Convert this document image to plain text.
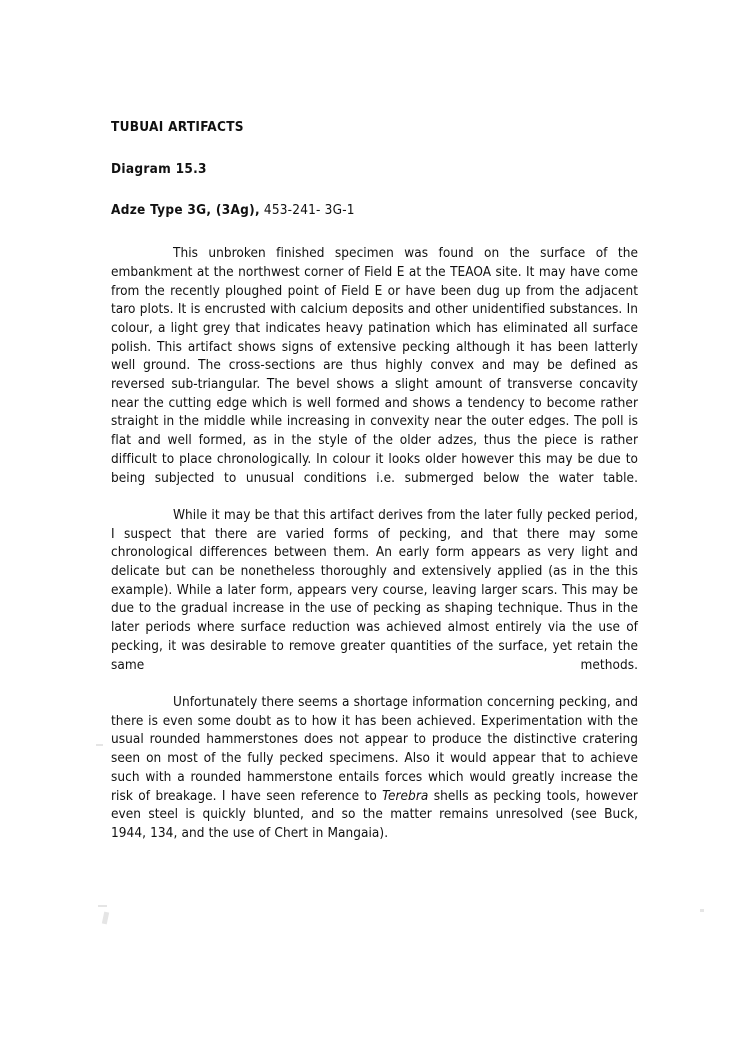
TUBUAI ARTIFACTS
Diagram 15.3
Adze Type 3G, (3Ag), 453-241- 3G-1

This unbroken finished specimen was found on the surface of the embankment at the northwest corner of Field E at the TEAOA site. It may have come from the recently ploughed point of Field E or have been dug up from the adjacent taro plots. It is encrusted with calcium deposits and other unidentified substances. In colour, a light grey that indicates heavy patination which has eliminated all surface polish. This artifact shows signs of extensive pecking although it has been latterly well ground. The cross-sections are thus highly convex and may be defined as reversed sub-triangular. The bevel shows a slight amount of transverse concavity near the cutting edge which is well formed and shows a tendency to become rather straight in the middle while increasing in convexity near the outer edges. The poll is flat and well formed, as in the style of the older adzes, thus the piece is rather difficult to place chronologically. In colour it looks older however this may be due to being subjected to unusual conditions i.e. submerged below the water table.

While it may be that this artifact derives from the later fully pecked period, I suspect that there are varied forms of pecking, and that there may some chronological differences between them. An early form appears as very light and delicate but can be nonetheless thoroughly and extensively applied (as in the this example). While a later form, appears very course, leaving larger scars. This may be due to the gradual increase in the use of pecking as shaping technique. Thus in the later periods where surface reduction was achieved almost entirely via the use of pecking, it was desirable to remove greater quantities of the surface, yet retain the same methods.

Unfortunately there seems a shortage information concerning pecking, and there is even some doubt as to how it has been achieved. Experimentation with the usual rounded hammerstones does not appear to produce the distinctive cratering seen on most of the fully pecked specimens. Also it would appear that to achieve such with a rounded hammerstone entails forces which would greatly increase the risk of breakage. I have seen reference to Terebra shells as pecking tools, however even steel is quickly blunted, and so the matter remains unresolved (see Buck, 1944, 134, and the use of Chert in Mangaia).
